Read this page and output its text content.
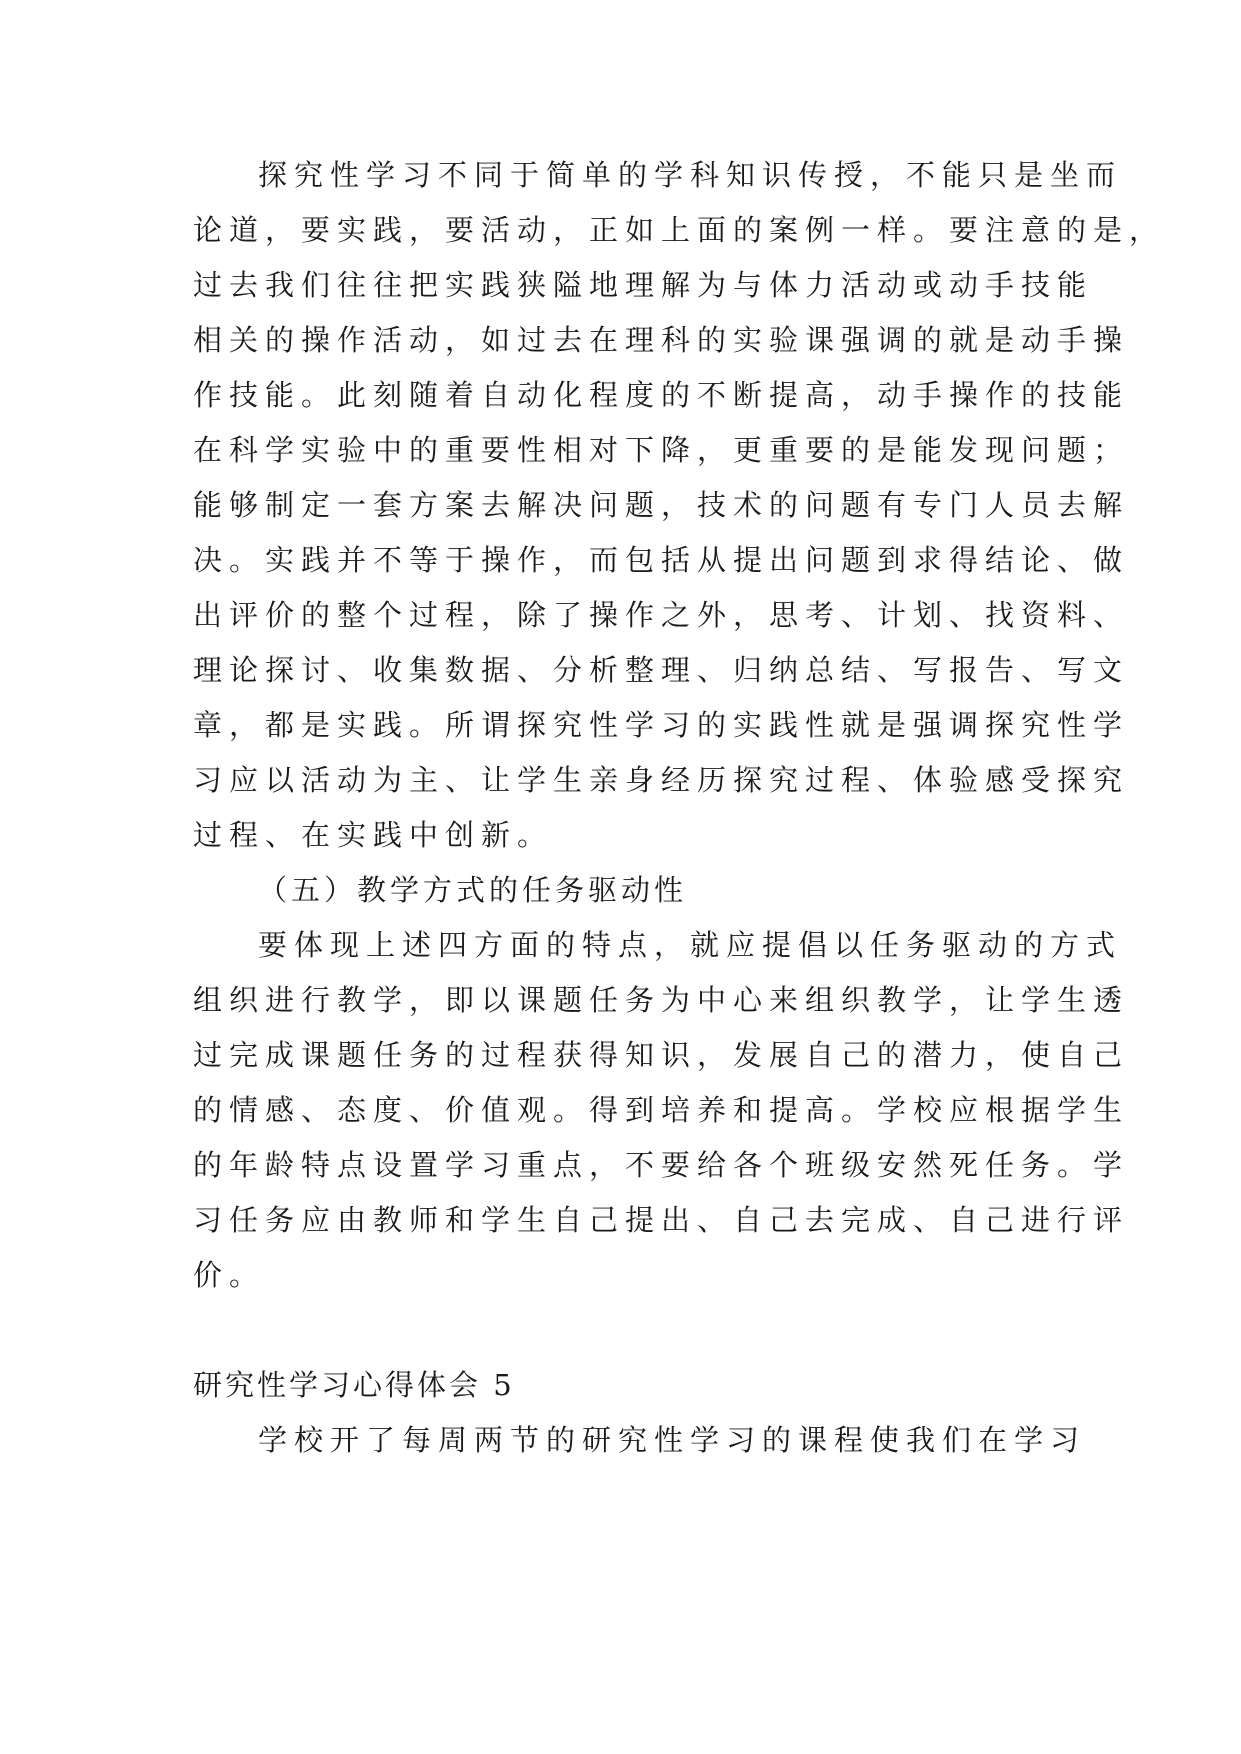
探究性学习不同于简单的学科知识传授，不能只是坐而
论道，要实践，要活动，正如上面的案例一样。要注意的是，
过去我们往往把实践狭隘地理解为与体力活动或动手技能
相关的操作活动，如过去在理科的实验课强调的就是动手操
作技能。此刻随着自动化程度的不断提高，动手操作的技能
在科学实验中的重要性相对下降，更重要的是能发现问题；
能够制定一套方案去解决问题，技术的问题有专门人员去解
决。实践并不等于操作，而包括从提出问题到求得结论、做
出评价的整个过程，除了操作之外，思考、计划、找资料、
理论探讨、收集数据、分析整理、归纳总结、写报告、写文
章，都是实践。所谓探究性学习的实践性就是强调探究性学
习应以活动为主、让学生亲身经历探究过程、体验感受探究
过程、在实践中创新。
（五）教学方式的任务驱动性
要体现上述四方面的特点，就应提倡以任务驱动的方式
组织进行教学，即以课题任务为中心来组织教学，让学生透
过完成课题任务的过程获得知识，发展自己的潜力，使自己
的情感、态度、价值观。得到培养和提高。学校应根据学生
的年龄特点设置学习重点，不要给各个班级安然死任务。学
习任务应由教师和学生自己提出、自己去完成、自己进行评
价。
研究性学习心得体会 5
学校开了每周两节的研究性学习的课程使我们在学习
